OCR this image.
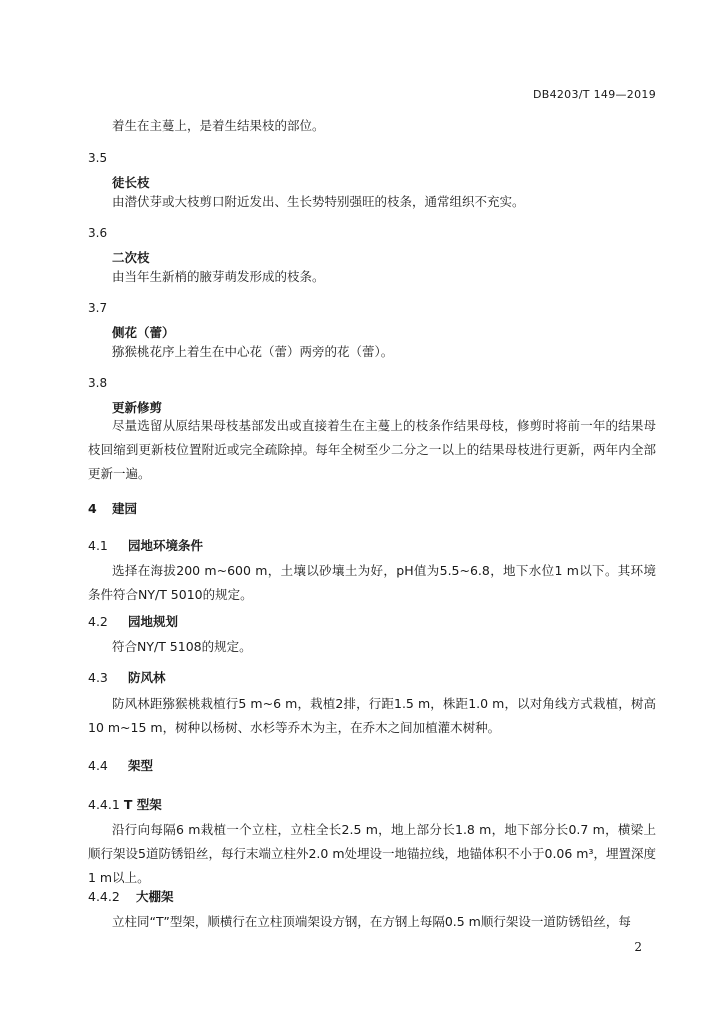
DB4203/T 149—2019
着生在主蔓上，是着生结果枝的部位。
3.5
徒长枝
由潜伏芽或大枝剪口附近发出、生长势特别强旺的枝条，通常组织不充实。
3.6
二次枝
由当年生新梢的腋芽萌发形成的枝条。
3.7
侧花（蕾）
猕猴桃花序上着生在中心花（蕾）两旁的花（蕾）。
3.8
更新修剪
尽量选留从原结果母枝基部发出或直接着生在主蔓上的枝条作结果母枝，修剪时将前一年的结果母枝回缩到更新枝位置附近或完全疏除掉。每年全树至少二分之一以上的结果母枝进行更新，两年内全部更新一遍。
4 建园
4.1 园地环境条件
选择在海拔200 m~600 m，土壤以砂壤土为好，pH值为5.5~6.8，地下水位1 m以下。其环境条件符合NY/T 5010的规定。
4.2 园地规划
符合NY/T 5108的规定。
4.3 防风林
防风林距猕猴桃栽植行5 m~6 m，栽植2排，行距1.5 m，株距1.0 m，以对角线方式栽植，树高10 m~15 m，树种以杨树、水杉等乔木为主，在乔木之间加植灌木树种。
4.4 架型
4.4.1 T 型架
沿行向每隔6 m栽植一个立柱，立柱全长2.5 m，地上部分长1.8 m，地下部分长0.7 m，横梁上顺行架设5道防锈铅丝，每行末端立柱外2.0 m处埋设一地锚拉线，地锚体积不小于0.06 m³，埋置深度1 m以上。
4.4.2 大棚架
立柱同“T”型架，顺横行在立柱顶端架设方钢，在方钢上每隔0.5 m顺行架设一道防锈铅丝，每
2
